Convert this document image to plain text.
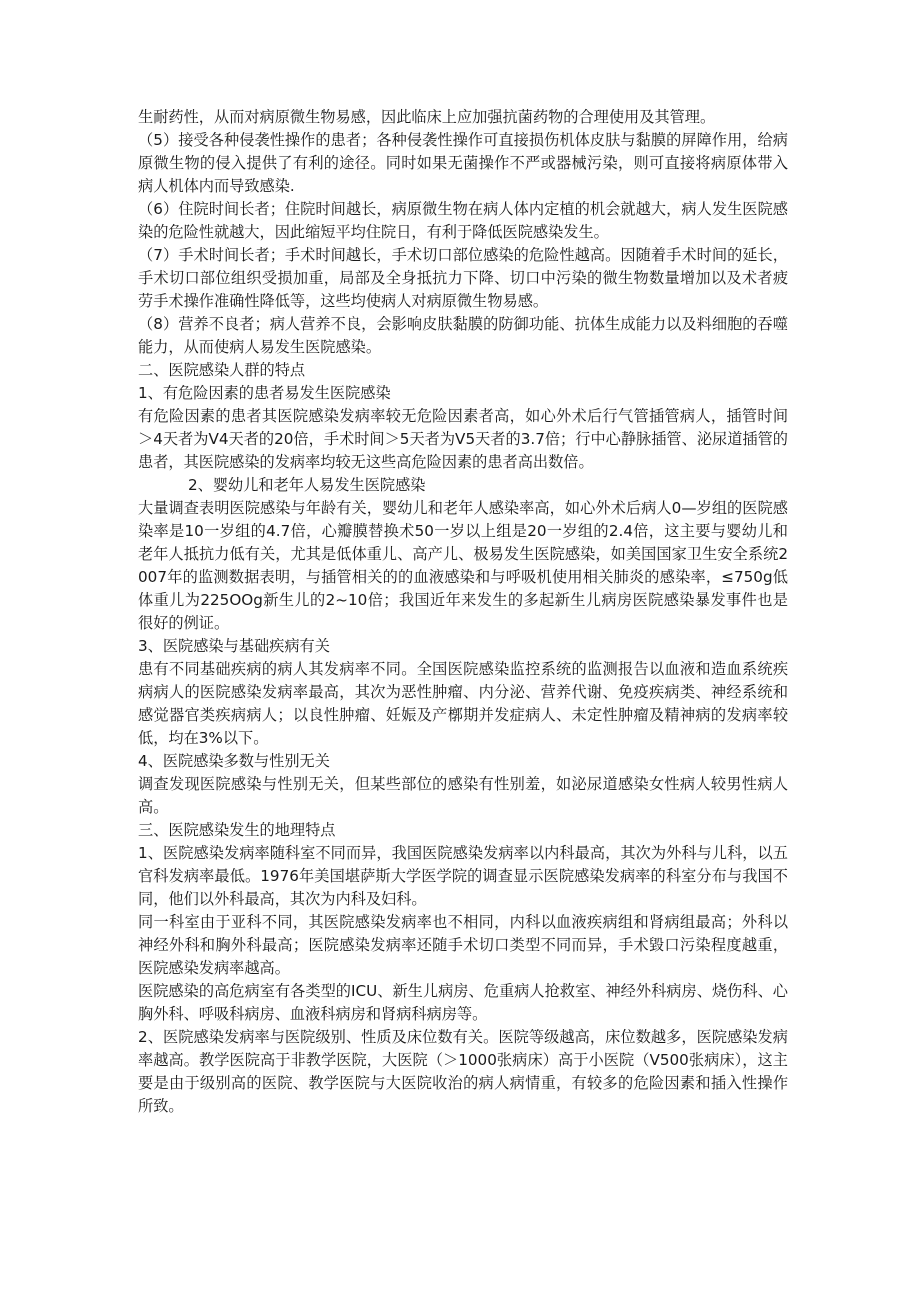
生耐药性，从而对病原微生物易感，因此临床上应加强抗菌药物的合理使用及其管理。

（5）接受各种侵袭性操作的患者；各种侵袭性操作可直接损伤机体皮肤与黏膜的屏障作用，给病原微生物的侵入提供了有利的途径。同时如果无菌操作不严或器械污染，则可直接将病原体带入病人机体内而导致感染.

（6）住院时间长者；住院时间越长，病原微生物在病人体内定植的机会就越大，病人发生医院感染的危险性就越大，因此缩短平均住院日，有利于降低医院感染发生。

（7）手术时间长者；手术时间越长，手术切口部位感染的危险性越高。因随着手术时间的延长，手术切口部位组织受损加重，局部及全身抵抗力下降、切口中污染的微生物数量增加以及术者疲劳手术操作准确性降低等，这些均使病人对病原微生物易感。

（8）营养不良者；病人营养不良，会影响皮肤黏膜的防御功能、抗体生成能力以及料细胞的吞噬能力，从而使病人易发生医院感染。

二、医院感染人群的特点

1、有危险因素的患者易发生医院感染

有危险因素的患者其医院感染发病率较无危险因素者高，如心外术后行气管插管病人，插管时间＞4天者为V4天者的20倍，手术时间＞5天者为V5天者的3.7倍；行中心静脉插管、泌尿道插管的患者，其医院感染的发病率均较无这些高危险因素的患者高出数倍。

2、婴幼儿和老年人易发生医院感染

大量调查表明医院感染与年龄有关，婴幼儿和老年人感染率高，如心外术后病人0—岁组的医院感染率是10一岁组的4.7倍，心瓣膜替换术50一岁以上组是20一岁组的2.4倍，这主要与婴幼儿和老年人抵抗力低有关，尤其是低体重儿、高产儿、极易发生医院感染，如美国国家卫生安全系统2007年的监测数据表明，与插管相关的的血液感染和与呼吸机使用相关肺炎的感染率，≤750g低体重儿为225OOg新生儿的2~10倍；我国近年来发生的多起新生儿病房医院感染暴发事件也是很好的例证。

3、医院感染与基础疾病有关

患有不同基础疾病的病人其发病率不同。全国医院感染监控系统的监测报告以血液和造血系统疾病病人的医院感染发病率最高，其次为恶性肿瘤、内分泌、营养代谢、免疫疾病类、神经系统和感觉器官类疾病病人；以良性肿瘤、妊娠及产槨期并发症病人、未定性肿瘤及精神病的发病率较低，均在3%以下。

4、医院感染多数与性别无关

调查发现医院感染与性别无关，但某些部位的感染有性别羞，如泌尿道感染女性病人较男性病人高。

三、医院感染发生的地理特点

1、医院感染发病率随科室不同而异，我国医院感染发病率以内科最高，其次为外科与儿科，以五官科发病率最低。1976年美国堪萨斯大学医学院的调查显示医院感染发病率的科室分布与我国不同，他们以外科最高，其次为内科及妇科。

同一科室由于亚科不同，其医院感染发病率也不相同，内科以血液疾病组和肾病组最高；外科以神经外科和胸外科最高；医院感染发病率还随手术切口类型不同而异，手术毀口污染程度越重，医院感染发病率越高。

医院感染的高危病室有各类型的ICU、新生儿病房、危重病人抢救室、神经外科病房、烧伤科、心胸外科、呼吸科病房、血液科病房和肾病科病房等。

2、医院感染发病率与医院级别、性质及床位数有关。医院等级越高，床位数越多，医院感染发病率越高。教学医院高于非教学医院，大医院（＞1000张病床）高于小医院（V500张病床），这主要是由于级别高的医院、教学医院与大医院收治的病人病情重，有较多的危险因素和插入性操作所致。
